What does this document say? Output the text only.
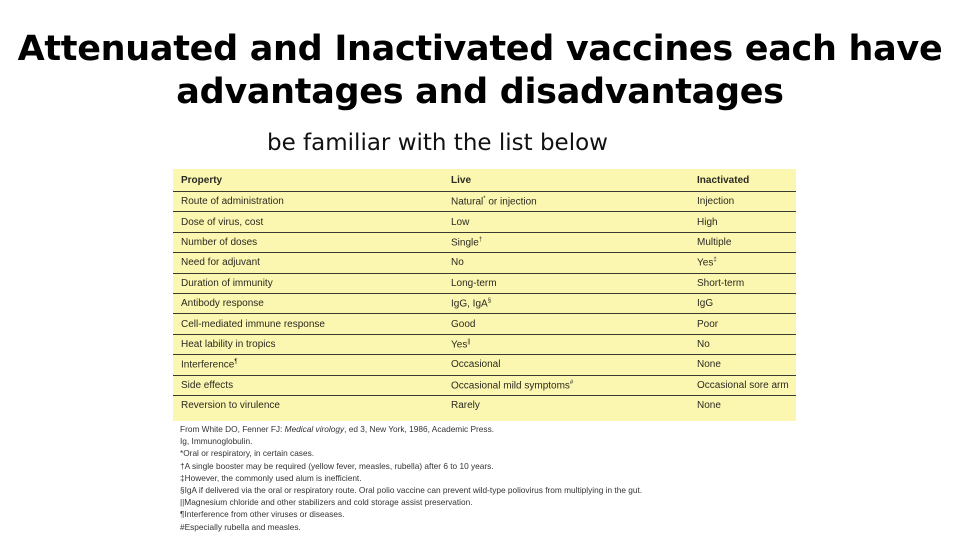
Attenuated and Inactivated vaccines each have
advantages and disadvantages
be familiar with the list below
Property	Live	Inactivated
Route of administration	Natural* or injection	Injection
Dose of virus, cost	Low	High
Number of doses	Single†	Multiple
Need for adjuvant	No	Yes‡
Duration of immunity	Long-term	Short-term
Antibody response	IgG, IgA§	IgG
Cell-mediated immune response	Good	Poor
Heat lability in tropics	Yes||	No
Interference¶	Occasional	None
Side effects	Occasional mild symptoms#	Occasional sore arm
Reversion to virulence	Rarely	None
From White DO, Fenner FJ: Medical virology, ed 3, New York, 1986, Academic Press.
Ig, Immunoglobulin.
*Oral or respiratory, in certain cases.
†A single booster may be required (yellow fever, measles, rubella) after 6 to 10 years.
‡However, the commonly used alum is inefficient.
§IgA if delivered via the oral or respiratory route. Oral polio vaccine can prevent wild-type poliovirus from multiplying in the gut.
||Magnesium chloride and other stabilizers and cold storage assist preservation.
¶Interference from other viruses or diseases.
#Especially rubella and measles.
